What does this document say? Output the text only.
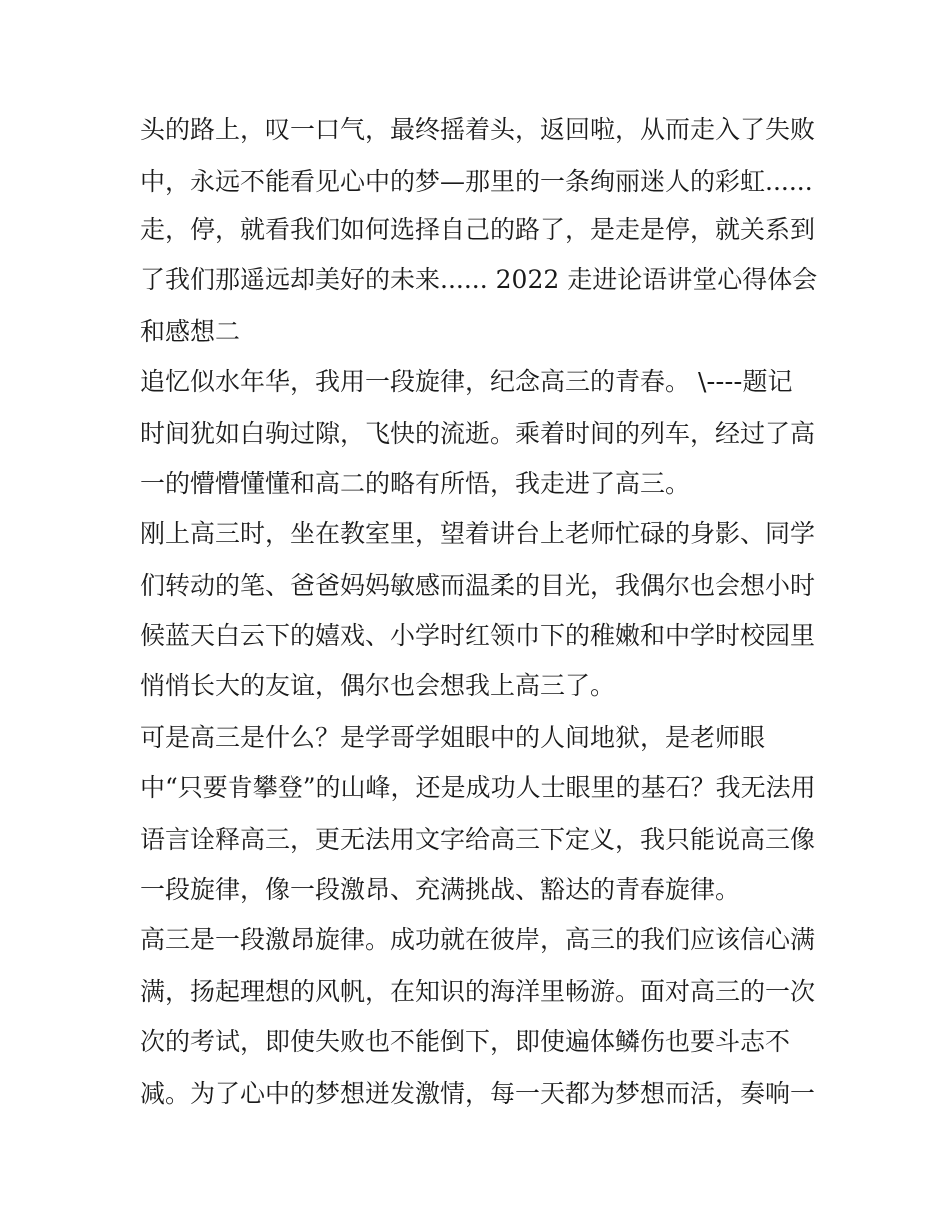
头的路上，叹一口气，最终摇着头，返回啦，从而走入了失败
中，永远不能看见心中的梦—那里的一条绚丽迷人的彩虹......
走，停，就看我们如何选择自己的路了，是走是停，就关系到
了我们那遥远却美好的未来...... 2022 走进论语讲堂心得体会
和感想二
追忆似水年华，我用一段旋律，纪念高三的青春。 \----题记
时间犹如白驹过隙，飞快的流逝。乘着时间的列车，经过了高
一的懵懵懂懂和高二的略有所悟，我走进了高三。
刚上高三时，坐在教室里，望着讲台上老师忙碌的身影、同学
们转动的笔、爸爸妈妈敏感而温柔的目光，我偶尔也会想小时
候蓝天白云下的嬉戏、小学时红领巾下的稚嫩和中学时校园里
悄悄长大的友谊，偶尔也会想我上高三了。
可是高三是什么？是学哥学姐眼中的人间地狱，是老师眼
中“只要肯攀登”的山峰，还是成功人士眼里的基石？我无法用
语言诠释高三，更无法用文字给高三下定义，我只能说高三像
一段旋律，像一段激昂、充满挑战、豁达的青春旋律。
高三是一段激昂旋律。成功就在彼岸，高三的我们应该信心满
满，扬起理想的风帆，在知识的海洋里畅游。面对高三的一次
次的考试，即使失败也不能倒下，即使遍体鳞伤也要斗志不
减。为了心中的梦想迸发激情，每一天都为梦想而活，奏响一
